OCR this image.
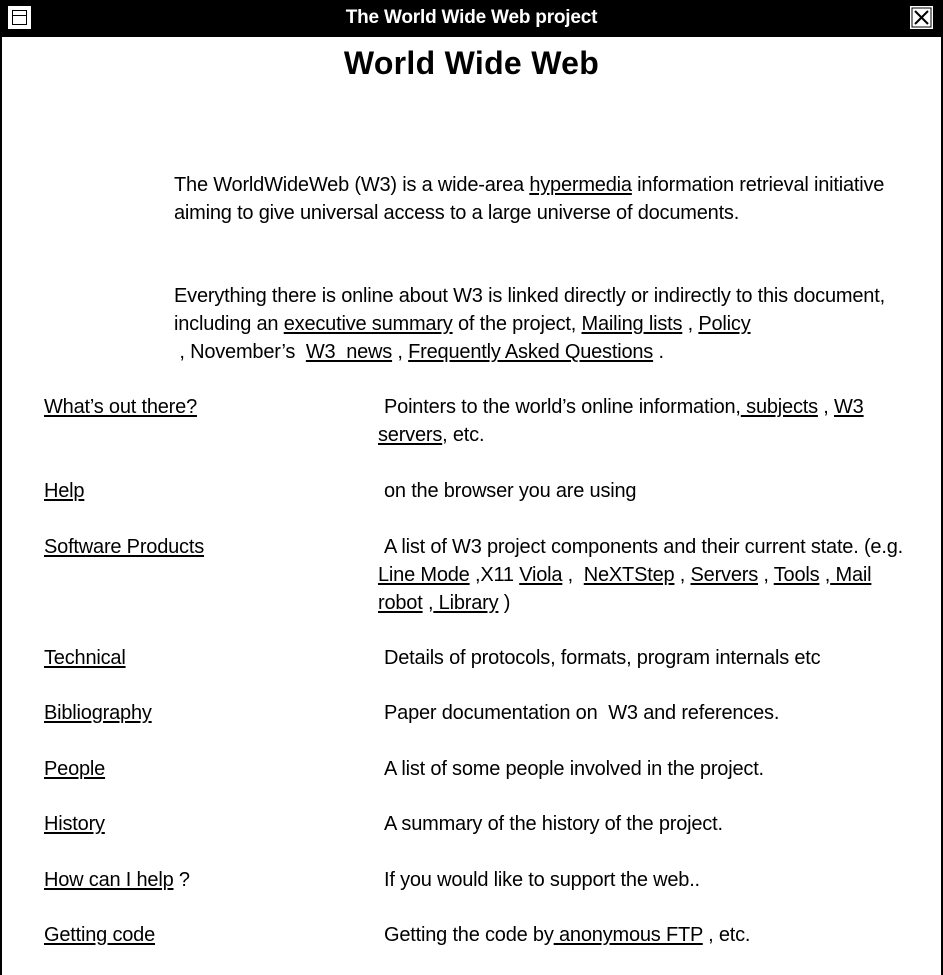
The World Wide Web project
World Wide Web
The WorldWideWeb (W3) is a wide-area hypermedia information retrieval initiative aiming to give universal access to a large universe of documents.
Everything there is online about W3 is linked directly or indirectly to this document, including an executive summary of the project, Mailing lists , Policy , November’s  W3  news , Frequently Asked Questions .
What’s out there?	Pointers to the world’s online information, subjects , W3 servers, etc.
Help	on the browser you are using
Software Products	A list of W3 project components and their current state. (e.g. Line Mode ,X11 Viola ,  NeXTStep , Servers , Tools , Mail robot , Library )
Technical	Details of protocols, formats, program internals etc
Bibliography	Paper documentation on  W3 and references.
People	A list of some people involved in the project.
History	A summary of the history of the project.
How can I help ?	If you would like to support the web..
Getting code	Getting the code by anonymous FTP , etc.
